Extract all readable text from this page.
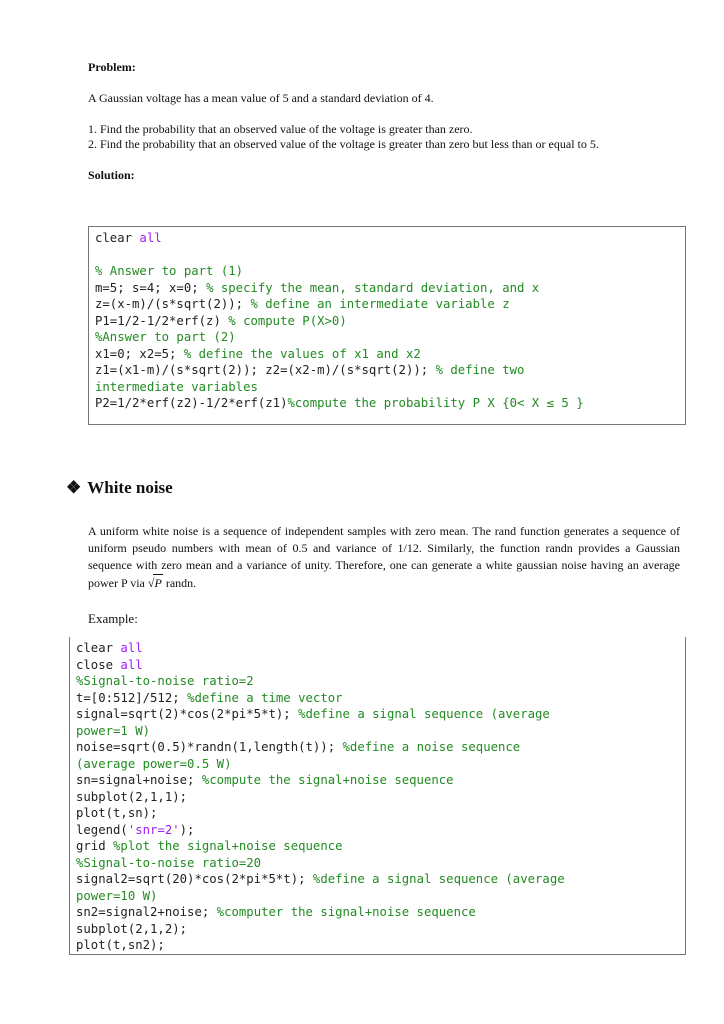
Problem:
A Gaussian voltage has a mean value of 5 and a standard deviation of 4.
1. Find the probability that an observed value of the voltage is greater than zero.
2. Find the probability that an observed value of the voltage is greater than zero but less than or equal to 5.
Solution:
clear all
% Answer to part (1)
m=5; s=4; x=0; % specify the mean, standard deviation, and x
z=(x-m)/(s*sqrt(2)); % define an intermediate variable z
P1=1/2-1/2*erf(z) % compute P(X>0)
%Answer to part (2)
x1=0; x2=5; % define the values of x1 and x2
z1=(x1-m)/(s*sqrt(2)); z2=(x2-m)/(s*sqrt(2)); % define two
intermediate variables
P2=1/2*erf(z2)-1/2*erf(z1)%compute the probability P X {0< X ≤ 5 }
❖ White noise
A uniform white noise is a sequence of independent samples with zero mean. The rand function generates a sequence of uniform pseudo numbers with mean of 0.5 and variance of 1/12. Similarly, the function randn provides a Gaussian sequence with zero mean and a variance of unity. Therefore, one can generate a white gaussian noise having an average power P via √P randn.
Example:
clear all
close all
%Signal-to-noise ratio=2
t=[0:512]/512; %define a time vector
signal=sqrt(2)*cos(2*pi*5*t); %define a signal sequence (average
power=1 W)
noise=sqrt(0.5)*randn(1,length(t)); %define a noise sequence
(average power=0.5 W)
sn=signal+noise; %compute the signal+noise sequence
subplot(2,1,1);
plot(t,sn);
legend('snr=2');
grid %plot the signal+noise sequence
%Signal-to-noise ratio=20
signal2=sqrt(20)*cos(2*pi*5*t); %define a signal sequence (average
power=10 W)
sn2=signal2+noise; %computer the signal+noise sequence
subplot(2,1,2);
plot(t,sn2);
